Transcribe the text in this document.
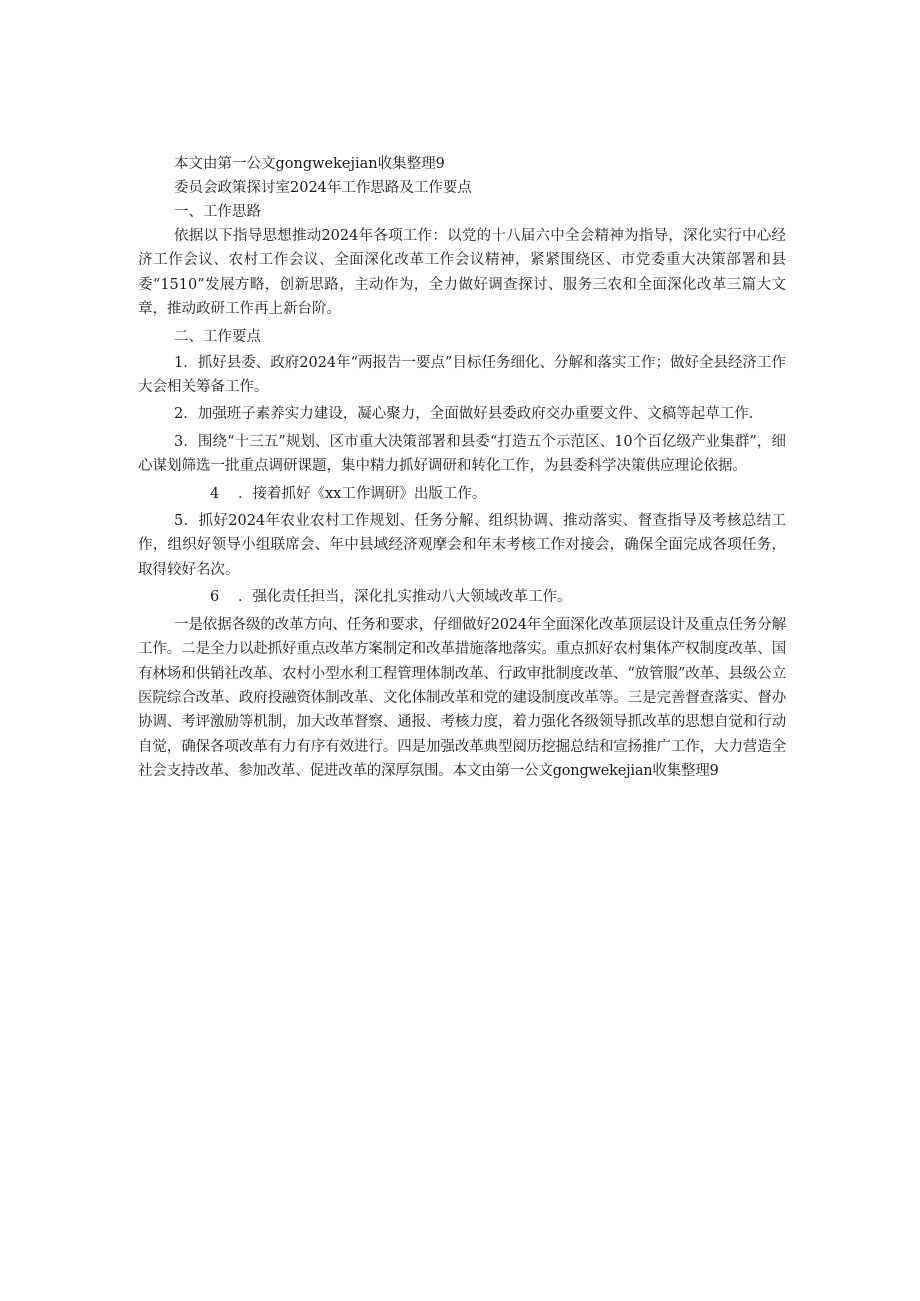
本文由第一公文gongwekejian收集整理9

委员会政策探讨室2024年工作思路及工作要点

一、工作思路

依据以下指导思想推动2024年各项工作：以党的十八届六中全会精神为指导，深化实行中心经济工作会议、农村工作会议、全面深化改革工作会议精神，紧紧围绕区、市党委重大决策部署和县委“1510”发展方略，创新思路，主动作为，全力做好调查探讨、服务三农和全面深化改革三篇大文章，推动政研工作再上新台阶。

二、工作要点

1．抓好县委、政府2024年“两报告一要点”目标任务细化、分解和落实工作；做好全县经济工作大会相关筹备工作。

2．加强班子素养实力建设，凝心聚力，全面做好县委政府交办重要文件、文稿等起草工作.

3．围绕“十三五”规划、区市重大决策部署和县委“打造五个示范区、10个百亿级产业集群”，细心谋划筛选一批重点调研课题，集中精力抓好调研和转化工作，为县委科学决策供应理论依据。

4 ．接着抓好《xx工作调研》出版工作。

5．抓好2024年农业农村工作规划、任务分解、组织协调、推动落实、督查指导及考核总结工作，组织好领导小组联席会、年中县域经济观摩会和年末考核工作对接会，确保全面完成各项任务，取得较好名次。

6 ．强化责任担当，深化扎实推动八大领域改革工作。

一是依据各级的改革方向、任务和要求，仔细做好2024年全面深化改革顶层设计及重点任务分解工作。二是全力以赴抓好重点改革方案制定和改革措施落地落实。重点抓好农村集体产权制度改革、国有林场和供销社改革、农村小型水利工程管理体制改革、行政审批制度改革、“放管服”改革、县级公立医院综合改革、政府投融资体制改革、文化体制改革和党的建设制度改革等。三是完善督查落实、督办协调、考评激励等机制，加大改革督察、通报、考核力度，着力强化各级领导抓改革的思想自觉和行动自觉，确保各项改革有力有序有效进行。四是加强改革典型阅历挖掘总结和宣扬推广工作，大力营造全社会支持改革、参加改革、促进改革的深厚氛围。本文由第一公文gongwekejian收集整理9
